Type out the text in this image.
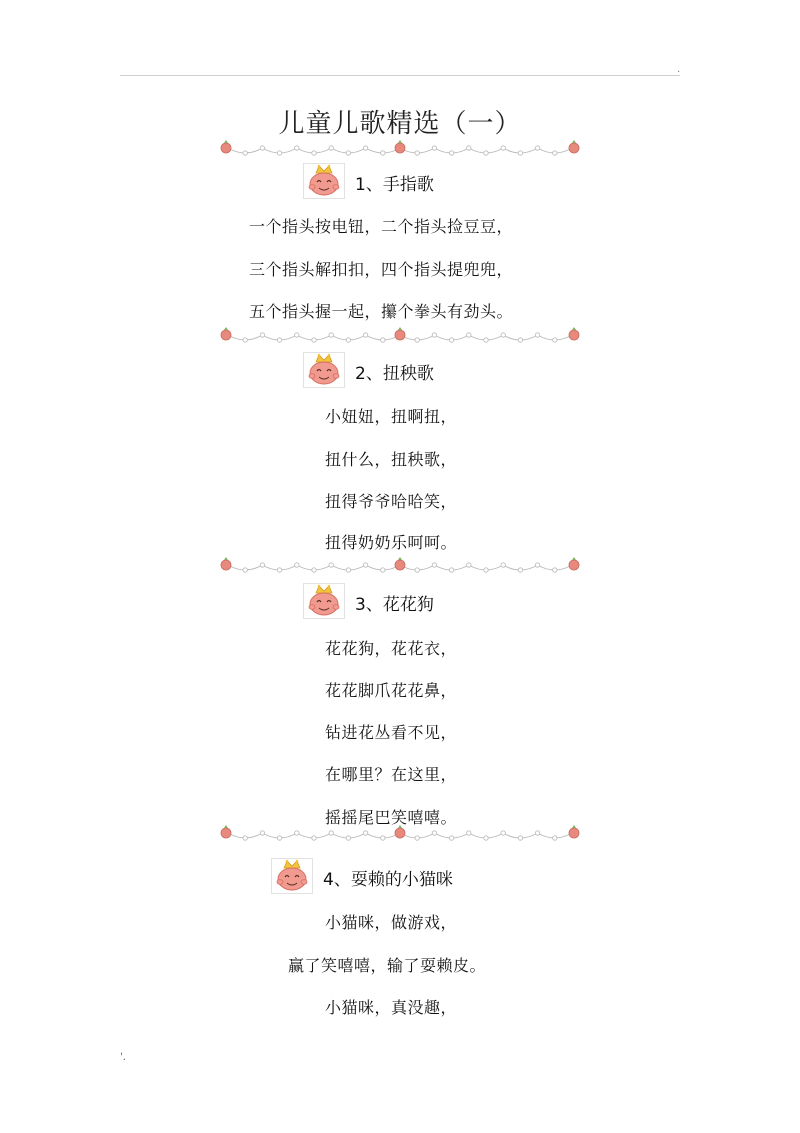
.
儿童儿歌精选（一）
1、手指歌
一个指头按电钮，二个指头捡豆豆，
三个指头解扣扣，四个指头提兜兜，
五个指头握一起，攥个拳头有劲头。
2、扭秧歌
小妞妞，扭啊扭，
扭什么，扭秧歌，
扭得爷爷哈哈笑，
扭得奶奶乐呵呵。
3、花花狗
花花狗，花花衣，
花花脚爪花花鼻，
钻进花丛看不见，
在哪里？在这里，
摇摇尾巴笑嘻嘻。
4、耍赖的小猫咪
小猫咪，做游戏，
赢了笑嘻嘻，输了耍赖皮。
小猫咪，真没趣，
'.
